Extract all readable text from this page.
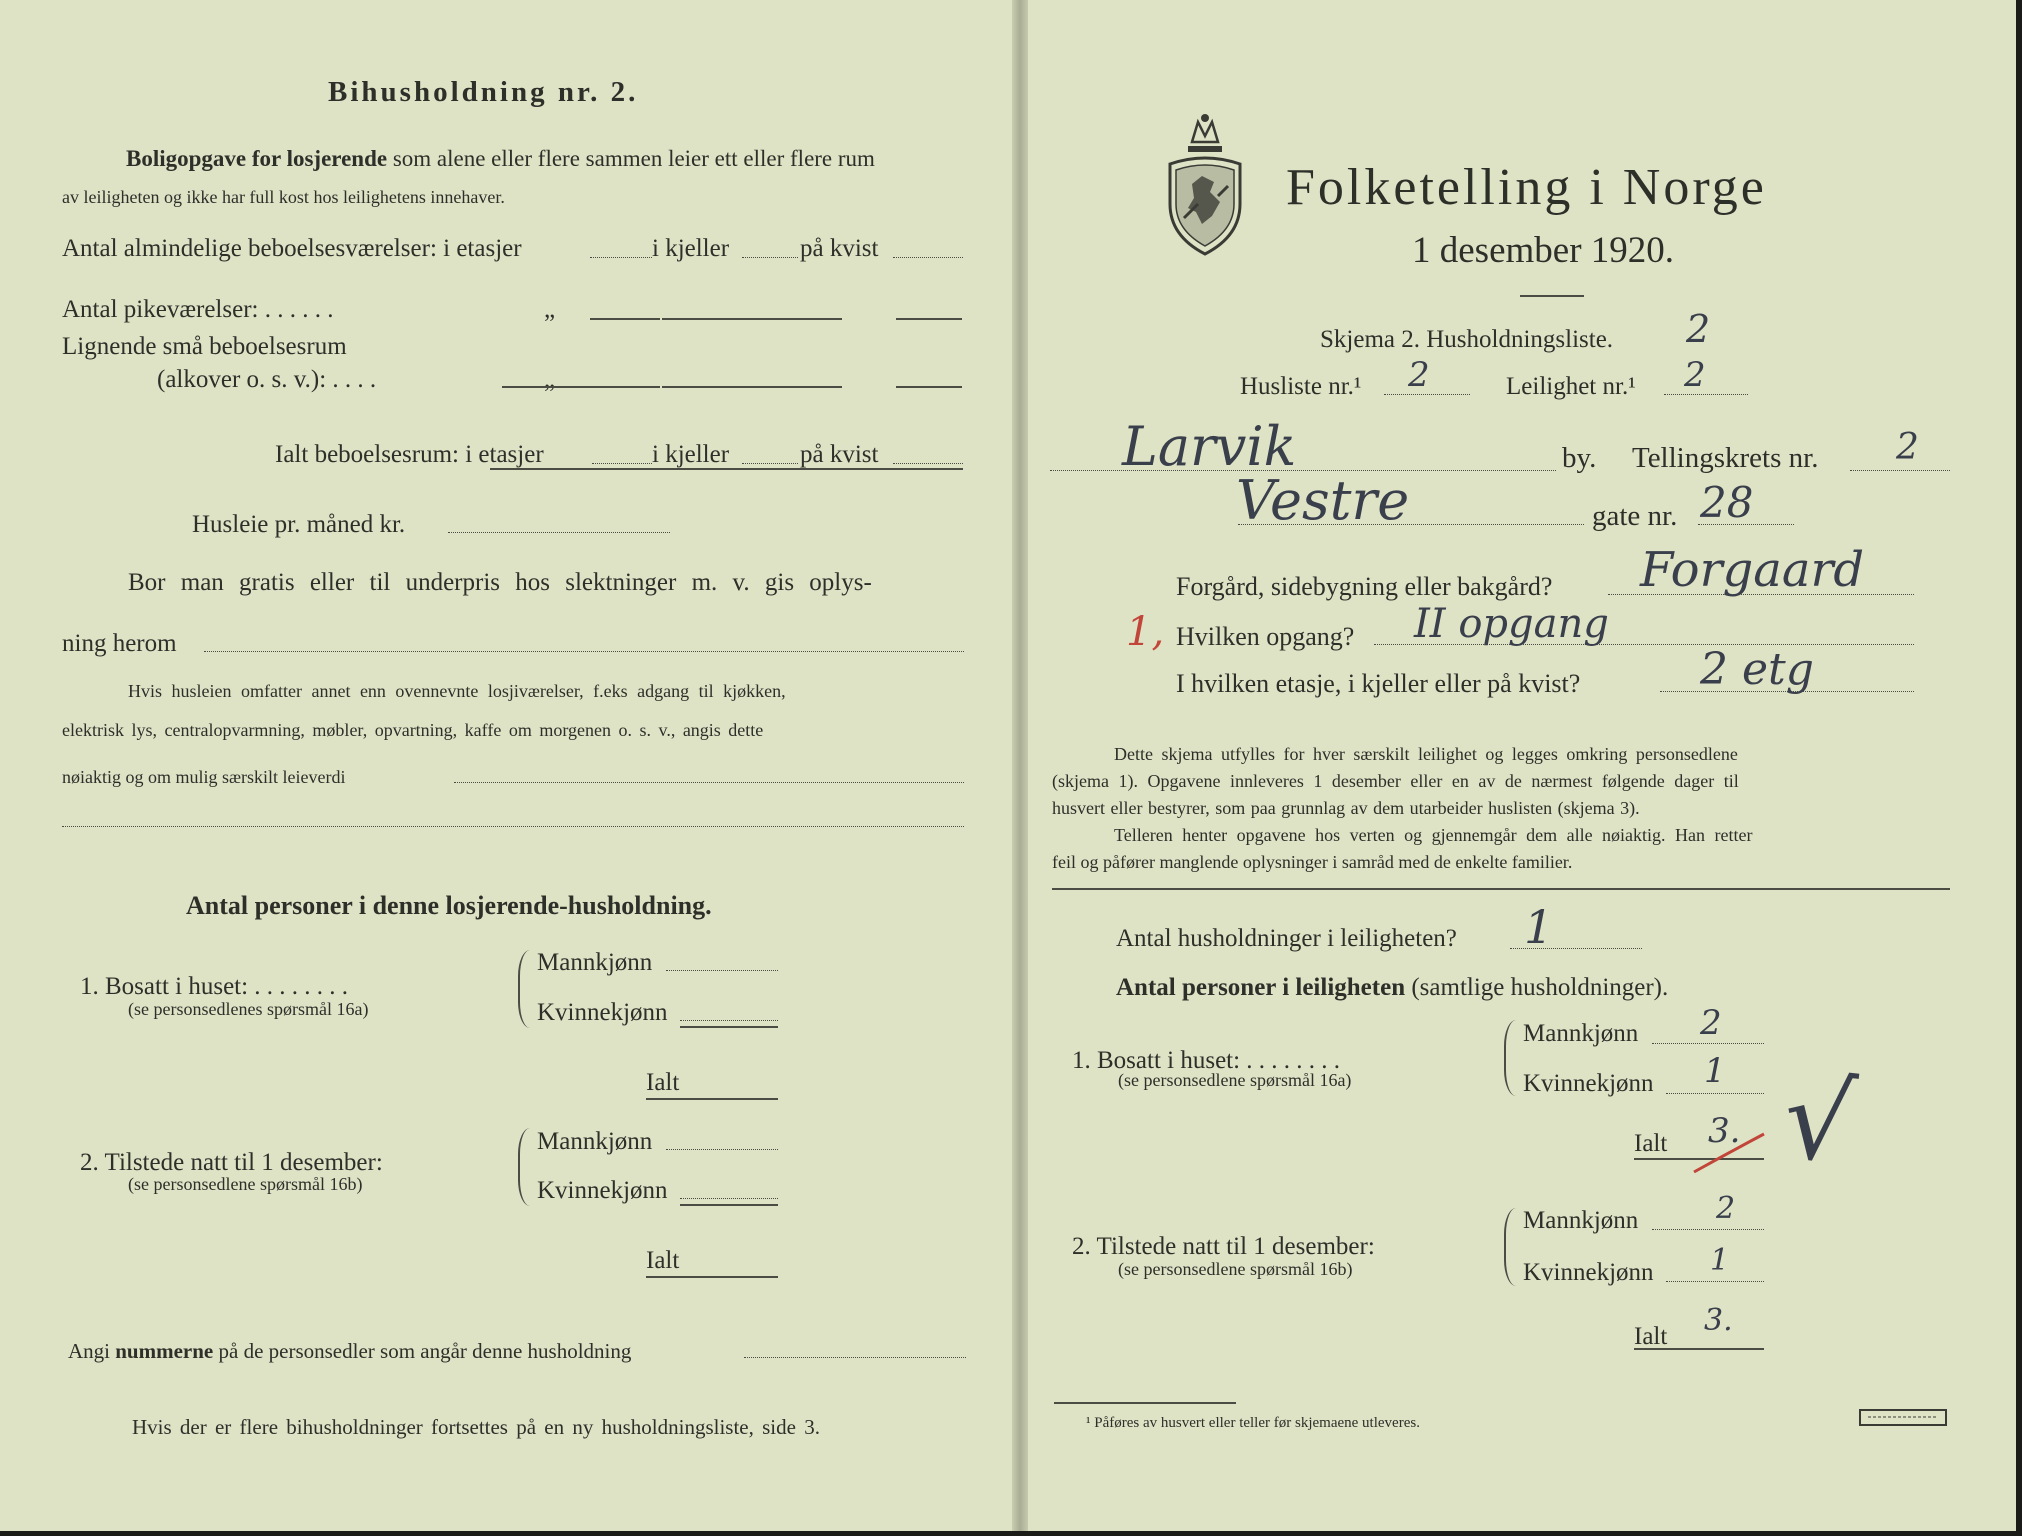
Bihusholdning nr. 2.
Boligopgave for losjerende som alene eller flere sammen leier ett eller flere rum
av leiligheten og ikke har full kost hos leilighetens innehaver.
Antal almindelige beboelsesværelser: i etasjer	i kjeller	på kvist
Antal pikeværelser: . . . . . .	„
Lignende små beboelsesrum
(alkover o. s. v.): . . . .	„
Ialt beboelsesrum: i etasjer	i kjeller	på kvist
Husleie pr. måned kr.
Bor man gratis eller til underpris hos slektninger m. v. gis oplys-
ning herom
Hvis husleien omfatter annet enn ovennevnte losjiværelser, f.eks adgang til kjøkken,
elektrisk lys, centralopvarmning, møbler, opvartning, kaffe om morgenen o. s. v., angis dette
nøiaktig og om mulig særskilt leieverdi
Antal personer i denne losjerende-husholdning.
1. Bosatt i huset: . . . . . . . .
(se personsedlenes spørsmål 16a)
Mannkjønn
Kvinnekjønn
Ialt
2. Tilstede natt til 1 desember:
(se personsedlene spørsmål 16b)
Mannkjønn
Kvinnekjønn
Ialt
Angi nummerne på de personsedler som angår denne husholdning
Hvis der er flere bihusholdninger fortsettes på en ny husholdningsliste, side 3.
Folketelling i Norge
1 desember 1920.
Skjema 2. Husholdningsliste. 2
Husliste nr.¹ 2	Leilighet nr.¹ 2
Larvik	by. Tellingskrets nr. 2
Vestre	gate nr. 28
Forgård, sidebygning eller bakgård? Forgaard
1, Hvilken opgang? II opgang
I hvilken etasje, i kjeller eller på kvist?	2 etg
Dette skjema utfylles for hver særskilt leilighet og legges omkring personsedlene
(skjema 1). Opgavene innleveres 1 desember eller en av de nærmest følgende dager til
husvert eller bestyrer, som paa grunnlag av dem utarbeider huslisten (skjema 3).
Telleren henter opgavene hos verten og gjennemgår dem alle nøiaktig. Han retter
feil og påfører manglende oplysninger i samråd med de enkelte familier.
Antal husholdninger i leiligheten? 1
Antal personer i leiligheten (samtlige husholdninger).
1. Bosatt i huset: . . . . . . . .
(se personsedlene spørsmål 16a)
Mannkjønn 2
Kvinnekjønn 1
Ialt 3. √
2. Tilstede natt til 1 desember:
(se personsedlene spørsmål 16b)
Mannkjønn	2
Kvinnekjønn 1
Ialt 3.
¹ Påføres av husvert eller teller før skjemaene utleveres.
